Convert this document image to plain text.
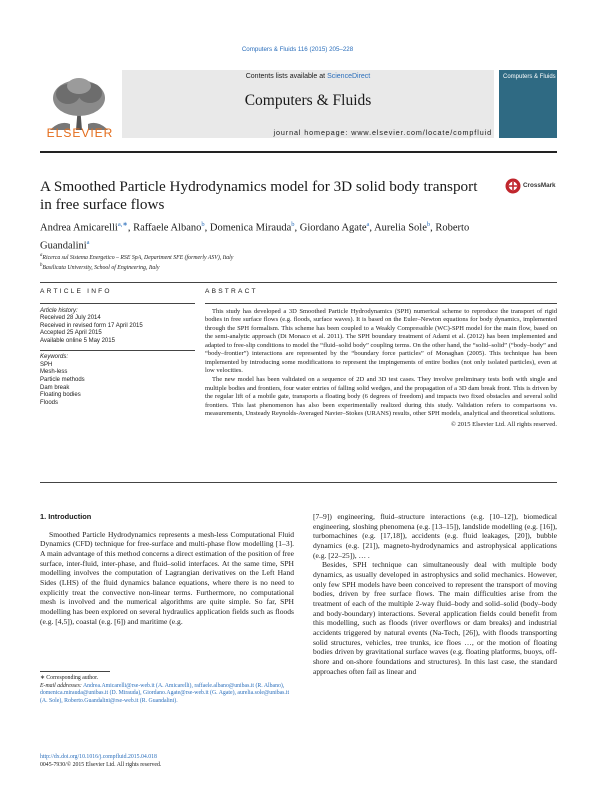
Computers & Fluids 116 (2015) 205–228
ELSEVIER
Contents lists available at ScienceDirect
Computers & Fluids
journal homepage: www.elsevier.com/locate/compfluid
Computers & Fluids
A Smoothed Particle Hydrodynamics model for 3D solid body transport in free surface flows
CrossMark
Andrea Amicarelli$^{a,∗}$, Raffaele Albano$^b$, Domenica Mirauda$^b$, Giordano Agate$^a$, Aurelia Sole$^b$, Roberto Guandalini$^a$
$^a$Ricerca sul Sistema Energetico – RSE SpA, Department SFE (formerly ASV), Italy
$^b$Basilicata University, School of Engineering, Italy
ARTICLE INFO
Article history:
Received 28 July 2014
Received in revised form 17 April 2015
Accepted 25 April 2015
Available online 5 May 2015
Keywords:
SPH
Mesh-less
Particle methods
Dam break
Floating bodies
Floods
ABSTRACT

This study has developed a 3D Smoothed Particle Hydrodynamics (SPH) numerical scheme to reproduce the transport of rigid bodies in free surface flows (e.g. floods, surface waves). It is based on the Euler–Newton equations for body dynamics, implemented through the SPH formalism. This scheme has been coupled to a Weakly Compressible (WC)-SPH model for the main flow, based on the semi-analytic approach (Di Monaco et al. 2011). The SPH boundary treatment of Adami et al. (2012) has been implemented and adapted to free-slip conditions to model the “fluid–solid body” coupling terms. On the other hand, the “solid–solid” (“body–body” and “body–frontier”) interactions are represented by the “boundary force particles” of Monaghan (2005). This technique has been implemented by introducing some modifications to represent the impingements of entire bodies (not only isolated particles), even at low velocities.

The new model has been validated on a sequence of 2D and 3D test cases. They involve preliminary tests both with single and multiple bodies and frontiers, four water entries of falling solid wedges, and the propagation of a 3D dam break front. This is driven by the regular lift of a mobile gate, transports a floating body (6 degrees of freedom) and impacts two fixed obstacles and several solid frontiers. This last phenomenon has also been experimentally realized during this study. Validation refers to comparisons vs. measurements, Unsteady Reynolds-Averaged Navier–Stokes (URANS) results, other SPH models, analytical and theoretical solutions.

© 2015 Elsevier Ltd. All rights reserved.
1. Introduction

Smoothed Particle Hydrodynamics represents a mesh-less Computational Fluid Dynamics (CFD) technique for free-surface and multi-phase flow modelling [1–3]. A main advantage of this method concerns a direct estimation of the position of free surface, inter-fluid, inter-phase, and fluid–solid interfaces. At the same time, SPH modelling involves the computation of Lagrangian derivatives on the Left Hand Sides (LHS) of the fluid dynamics balance equations, where there is no need to explicitly treat the convective non-linear terms. Furthermore, no computational mesh is involved and the numerical algorithms are quite simple. So far, SPH modelling has been explored on several hydraulics application fields such as floods (e.g. [4,5]), coastal (e.g. [6]) and maritime (e.g.

[7–9]) engineering, fluid–structure interactions (e.g. [10–12]), biomedical engineering, sloshing phenomena (e.g. [13–15]), landslide modelling (e.g. [16]), turbomachines (e.g. [17,18]), accidents (e.g. fluid leakages, [20]), bubble dynamics (e.g. [21]), magneto-hydrodynamics and astrophysical applications (e.g. [22–25]), … .

Besides, SPH technique can simultaneously deal with multiple body dynamics, as usually developed in astrophysics and solid mechanics. However, only few SPH models have been conceived to represent the transport of moving bodies, driven by free surface flows. The main difficulties arise from the treatment of each of the multiple 2-way fluid–body and solid–solid (body–body and body-boundary) interactions. Several application fields could benefit from this modelling, such as floods (river overflows or dam breaks) and industrial accidents triggered by natural events (Na-Tech, [26]), with floods transporting solid structures, vehicles, tree trunks, ice floes …, or the motion of floating bodies driven by gravitational surface waves (e.g. floating platforms, buoys, off-shore and on-shore foundations and structures). In this last case, the standard approaches often fail as linear and

∗ Corresponding author.
E-mail addresses: Andrea.Amicarelli@rse-web.it (A. Amicarelli), raffaele.albano@unibas.it (R. Albano), domenica.mirauda@unibas.it (D. Mirauda), Giordano.Agate@rse-web.it (G. Agate), aurelia.sole@unibas.it (A. Sole), Roberto.Guandalini@rse-web.it (R. Guandalini).
http://dx.doi.org/10.1016/j.compfluid.2015.04.018
0045-7930/© 2015 Elsevier Ltd. All rights reserved.
